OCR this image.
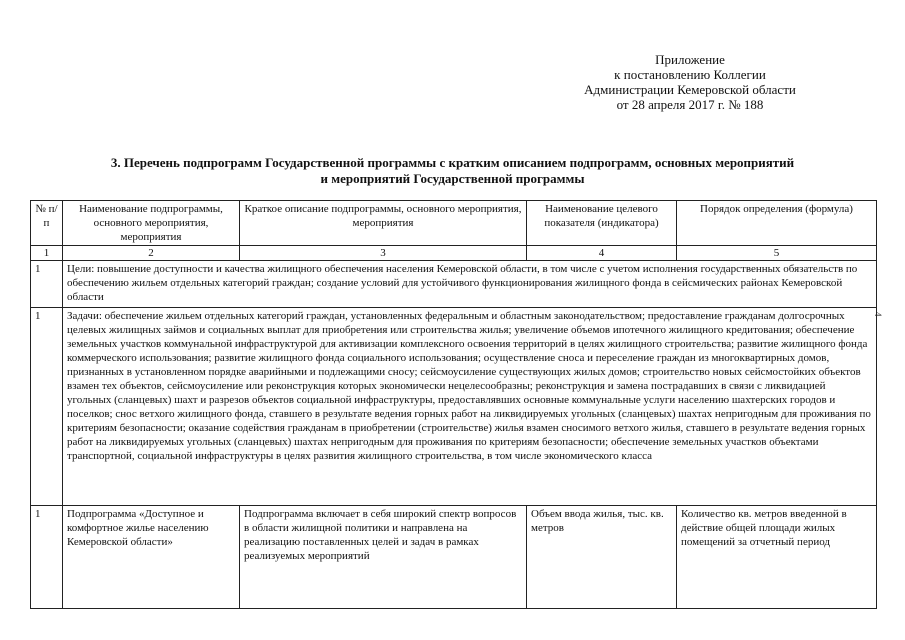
Приложение
к постановлению Коллегии
Администрации Кемеровской области
от 28 апреля 2017 г. № 188
3. Перечень подпрограмм Государственной программы с кратким описанием подпрограмм, основных мероприятий
и мероприятий Государственной программы
4
№ п/п	Наименование подпрограммы, основного мероприятия, мероприятия	Краткое описание подпрограммы, основного мероприятия, мероприятия	Наименование целевого показателя (индикатора)	Порядок определения (формула)
1	2	3	4	5
1	Цели: повышение доступности и качества жилищного обеспечения населения Кемеровской области, в том числе с учетом исполнения государственных обязательств по обеспечению жильем отдельных категорий граждан; создание условий для устойчивого функционирования жилищного фонда в сейсмических районах Кемеровской области			
1	Задачи: обеспечение жильем отдельных категорий граждан, установленных федеральным и областным законодательством; предоставление гражданам долгосрочных целевых жилищных займов и социальных выплат для приобретения или строительства жилья; увеличение объемов ипотечного жилищного кредитования; обеспечение земельных участков коммунальной инфраструктурой для активизации комплексного освоения территорий в целях жилищного строительства; развитие жилищного фонда коммерческого использования; развитие жилищного фонда социального использования; осуществление сноса и переселение граждан из многоквартирных домов, признанных в установленном порядке аварийными и подлежащими сносу; сейсмоусиление существующих жилых домов; строительство новых сейсмостойких объектов взамен тех объектов, сейсмоусиление или реконструкция которых экономически нецелесообразны; реконструкция и замена пострадавших в связи с ликвидацией угольных (сланцевых) шахт и разрезов объектов социальной инфраструктуры, предоставлявших основные коммунальные услуги населению шахтерских городов и поселков; снос ветхого жилищного фонда, ставшего в результате ведения горных работ на ликвидируемых угольных (сланцевых) шахтах непригодным для проживания по критериям безопасности; оказание содействия гражданам в приобретении (строительстве) жилья взамен сносимого ветхого жилья, ставшего в результате ведения горных работ на ликвидируемых угольных (сланцевых) шахтах непригодным для проживания по критериям безопасности; обеспечение земельных участков объектами транспортной, социальной инфраструктуры в целях развития жилищного строительства, в том числе экономического класса			
1	Подпрограмма «Доступное и комфортное жилье населению Кемеровской области»	Подпрограмма включает в себя широкий спектр вопросов в области жилищной политики и направлена на реализацию поставленных целей и задач в рамках реализуемых мероприятий	Объем ввода жилья, тыс. кв. метров	Количество кв. метров введенной в действие общей площади жилых помещений за отчетный период
